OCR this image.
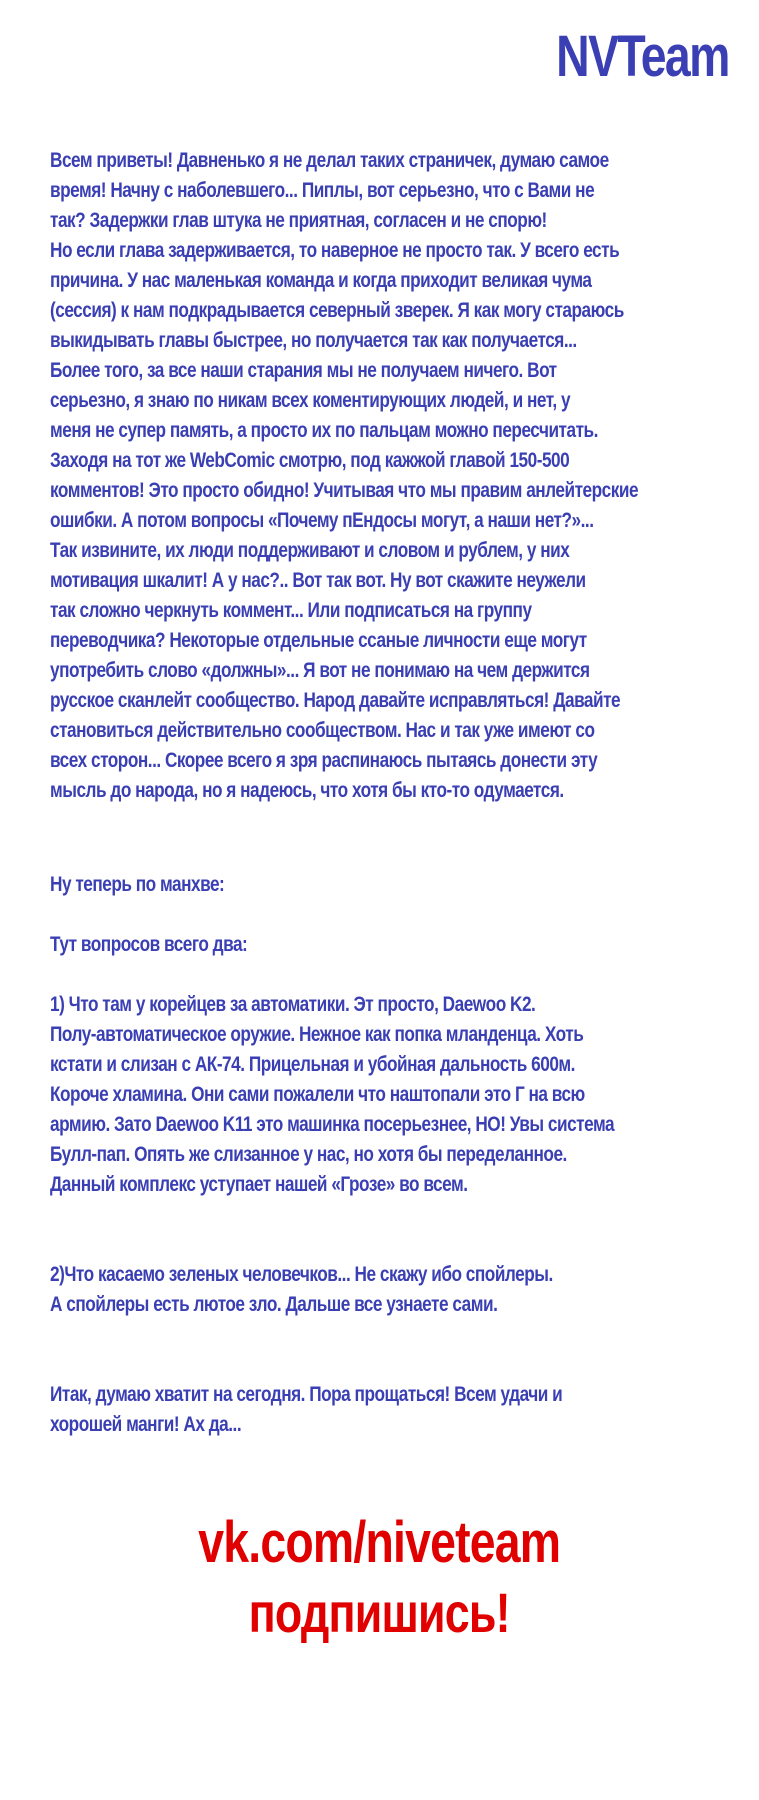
NVTeam
Всем приветы! Давненько я не делал таких страничек, думаю самое
время! Начну с наболевшего... Пиплы, вот серьезно, что с Вами не
так? Задержки глав штука не приятная, согласен и не спорю!
Но если глава задерживается, то наверное не просто так. У всего есть
причина. У нас маленькая команда и когда приходит великая чума
(сессия) к нам подкрадывается северный зверек. Я как могу стараюсь
выкидывать главы быстрее, но получается так как получается...
Более того, за все наши старания мы не получаем ничего. Вот
серьезно, я знаю по никам всех коментирующих людей, и нет, у
меня не супер память, а просто их по пальцам можно пересчитать.
Заходя на тот же WebComic смотрю, под кажжой главой 150-500
комментов! Это просто обидно! Учитывая что мы правим анлейтерские
ошибки. А потом вопросы «Почему пЕндосы могут, а наши нет?»...
Так извините, их люди поддерживают и словом и рублем, у них
мотивация шкалит! А у нас?.. Вот так вот. Ну вот скажите неужели
так сложно черкнуть коммент... Или подписаться на группу
переводчика? Некоторые отдельные ссаные личности еще могут
употребить слово «должны»... Я вот не понимаю на чем держится
русское сканлейт сообщество. Народ давайте исправляться! Давайте
становиться действительно сообществом. Нас и так уже имеют со
всех сторон... Скорее всего я зря распинаюсь пытаясь донести эту
мысль до народа, но я надеюсь, что хотя бы кто-то одумается.
Ну теперь по манхве:
Тут вопросов всего два:
1) Что там у корейцев за автоматики. Эт просто, Daewoo K2.
Полу-автоматическое оружие. Нежное как попка мланденца. Хоть
кстати и слизан с АК-74. Прицельная и убойная дальность 600м.
Короче хламина. Они сами пожалели что наштопали это Г на всю
армию. Зато Daewoo K11 это машинка посерьезнее, НО! Увы система
Булл-пап. Опять же слизанное у нас, но хотя бы переделанное.
Данный комплекс уступает нашей «Грозе» во всем.
2)Что касаемо зеленых человечков... Не скажу ибо спойлеры.
А спойлеры есть лютое зло. Дальше все узнаете сами.
Итак, думаю хватит на сегодня. Пора прощаться! Всем удачи и
хорошей манги! Ах да...
vk.com/niveteam
подпишись!
